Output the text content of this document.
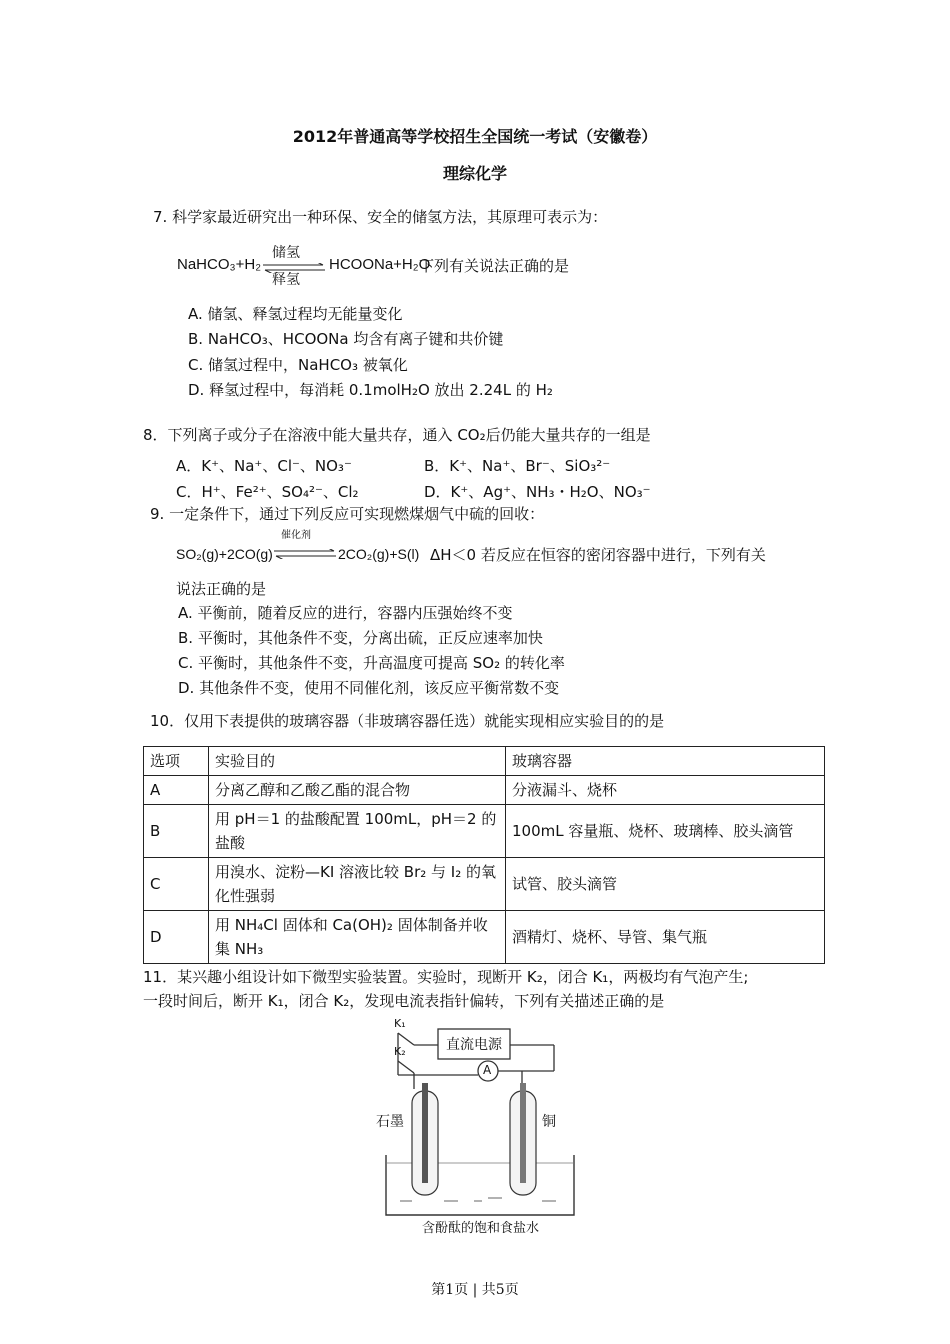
2012年普通高等学校招生全国统一考试（安徽卷）
理综化学
7. 科学家最近研究出一种环保、安全的储氢方法，其原理可表示为：
NaHCO₃+H₂
储氢
释氢
HCOONa+H₂O
下列有关说法正确的是
A. 储氢、释氢过程均无能量变化
B. NaHCO₃、HCOONa 均含有离子键和共价键
C. 储氢过程中，NaHCO₃ 被氧化
D. 释氢过程中，每消耗 0.1molH₂O 放出 2.24L 的 H₂
8．下列离子或分子在溶液中能大量共存，通入 CO₂后仍能大量共存的一组是
A．K⁺、Na⁺、Cl⁻、NO₃⁻	B．K⁺、Na⁺、Br⁻、SiO₃²⁻
C．H⁺、Fe²⁺、SO₄²⁻、Cl₂	D．K⁺、Ag⁺、NH₃・H₂O、NO₃⁻
9. 一定条件下，通过下列反应可实现燃煤烟气中硫的回收：
SO₂(g)+2CO(g)
催化剂
2CO₂(g)+S(l) ΔH＜0 若反应在恒容的密闭容器中进行，下列有关
说法正确的是
A. 平衡前，随着反应的进行，容器内压强始终不变
B. 平衡时，其他条件不变，分离出硫，正反应速率加快
C. 平衡时，其他条件不变，升高温度可提高 SO₂ 的转化率
D. 其他条件不变，使用不同催化剂，该反应平衡常数不变
10．仅用下表提供的玻璃容器（非玻璃容器任选）就能实现相应实验目的的是
选项	实验目的	玻璃容器
A	分离乙醇和乙酸乙酯的混合物	分液漏斗、烧杯
B	用 pH＝1 的盐酸配置 100mL，pH＝2 的盐酸	100mL 容量瓶、烧杯、玻璃棒、胶头滴管
C	用溴水、淀粉—KI 溶液比较 Br₂ 与 I₂ 的氧化性强弱	试管、胶头滴管
D	用 NH₄Cl 固体和 Ca(OH)₂ 固体制备并收集 NH₃	酒精灯、烧杯、导管、集气瓶
11．某兴趣小组设计如下微型实验装置。实验时，现断开 K₂，闭合 K₁，两极均有气泡产生;
一段时间后，断开 K₁，闭合 K₂，发现电流表指针偏转，下列有关描述正确的是
K₁
K₂	直流电源
A
石墨	铜
含酚酞的饱和食盐水
第1页 | 共5页
